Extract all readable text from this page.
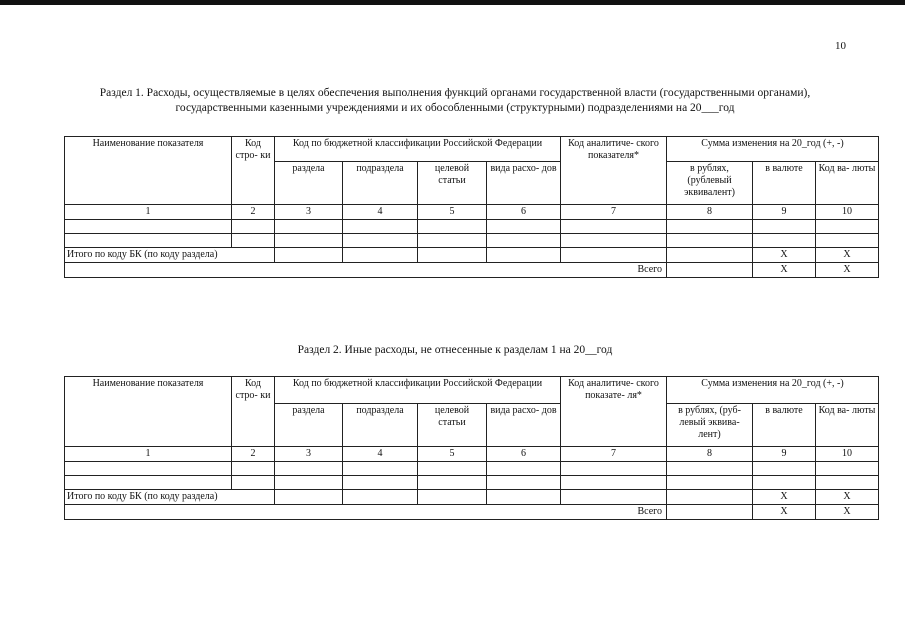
10
Раздел 1. Расходы, осуществляемые в целях обеспечения выполнения функций органами государственной власти (государственными органами), государственными казенными учреждениями и их обособленными (структурными) подразделениями на 20___год
Наименование показателя	Код стро- ки	Код по бюджетной классификации Российской Федерации				Код аналитиче- ского показателя*	Сумма изменения на 20_год (+, -)		
		раздела	подраздела	целевой статьи	вида расхо- дов		в рублях, (рублевый эквивалент)	в валюте	Код ва- люты
1	2	3	4	5	6	7	8	9	10

Итого по коду БК (по коду раздела)								X	X
Всего								X	X
Раздел 2. Иные расходы, не отнесенные к разделам 1 на 20__год
Наименование показателя	Код стро- ки	Код по бюджетной классификации Российской Федерации				Код аналитиче- ского показате- ля*	Сумма изменения на 20_год (+, -)		
		раздела	подраздела	целевой статьи	вида расхо- дов		в рублях, (руб- левый эквива- лент)	в валюте	Код ва- люты
1	2	3	4	5	6	7	8	9	10

Итого по коду БК (по коду раздела)								X	X
Всего								X	X
